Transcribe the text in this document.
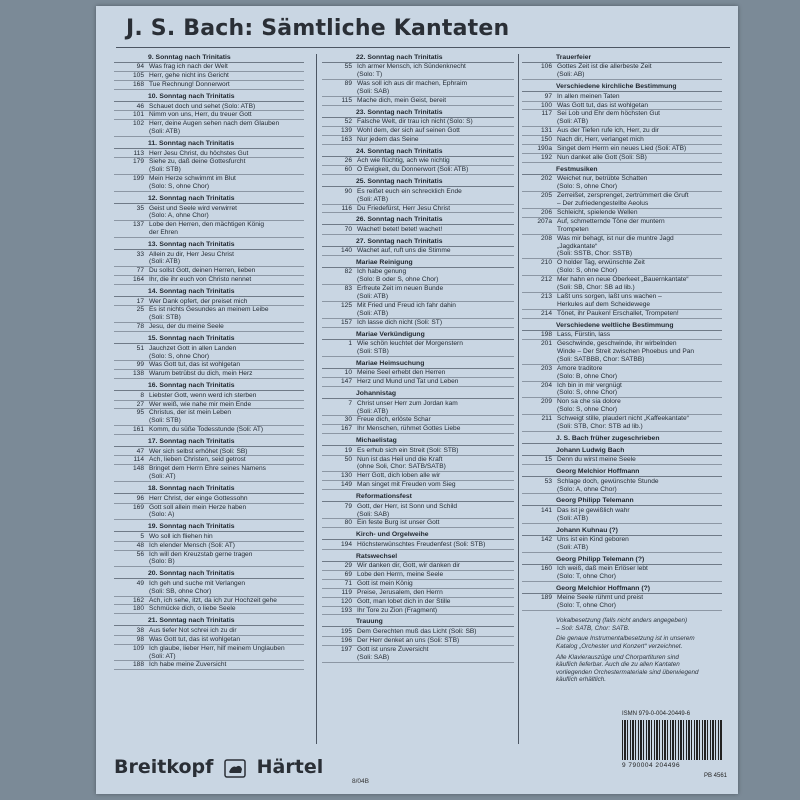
J. S. Bach: Sämtliche Kantaten
9. Sonntag nach Trinitatis
94 Was frag ich nach der Welt
105 Herr, gehe nicht ins Gericht
168 Tue Rechnung! Donnerwort
10. Sonntag nach Trinitatis
46 Schauet doch und sehet (Solo: ATB)
101 Nimm von uns, Herr, du treuer Gott
102 Herr, deine Augen sehen nach dem Glauben
(Soli: ATB)
11. Sonntag nach Trinitatis
113 Herr Jesu Christ, du höchstes Gut
179 Siehe zu, daß deine Gottesfurcht
(Soli: STB)
199 Mein Herze schwimmt im Blut
(Solo: S, ohne Chor)
12. Sonntag nach Trinitatis
35 Geist und Seele wird verwirret
(Solo: A, ohne Chor)
137 Lobe den Herren, den mächtigen König
der Ehren
13. Sonntag nach Trinitatis
33 Allein zu dir, Herr Jesu Christ
(Soli: ATB)
77 Du sollst Gott, deinen Herren, lieben
164 Ihr, die ihr euch von Christo nennet
14. Sonntag nach Trinitatis
17 Wer Dank opfert, der preiset mich
25 Es ist nichts Gesundes an meinem Leibe
(Soli: STB)
78 Jesu, der du meine Seele
15. Sonntag nach Trinitatis
51 Jauchzet Gott in allen Landen
(Solo: S, ohne Chor)
99 Was Gott tut, das ist wohlgetan
138 Warum betrübst du dich, mein Herz
16. Sonntag nach Trinitatis
8 Liebster Gott, wenn werd ich sterben
27 Wer weiß, wie nahe mir mein Ende
95 Christus, der ist mein Leben
(Soli: STB)
161 Komm, du süße Todesstunde (Soli: AT)
17. Sonntag nach Trinitatis
47 Wer sich selbst erhöhet (Soli: SB)
114 Ach, lieben Christen, seid getrost
148 Bringet dem Herrn Ehre seines Namens
(Soli: AT)
18. Sonntag nach Trinitatis
96 Herr Christ, der einge Gottessohn
169 Gott soll allein mein Herze haben
(Solo: A)
19. Sonntag nach Trinitatis
5 Wo soll ich fliehen hin
48 Ich elender Mensch (Soli: AT)
56 Ich will den Kreuzstab gerne tragen
(Solo: B)
20. Sonntag nach Trinitatis
49 Ich geh und suche mit Verlangen
(Soli: SB, ohne Chor)
162 Ach, ich sehe, itzt, da ich zur Hochzeit gehe
180 Schmücke dich, o liebe Seele
21. Sonntag nach Trinitatis
38 Aus tiefer Not schrei ich zu dir
98 Was Gott tut, das ist wohlgetan
109 Ich glaube, lieber Herr, hilf meinem Unglauben
(Soli: AT)
188 Ich habe meine Zuversicht
22. Sonntag nach Trinitatis
55 Ich armer Mensch, ich Sündenknecht
(Solo: T)
89 Was soll ich aus dir machen, Ephraim
(Soli: SAB)
115 Mache dich, mein Geist, bereit
23. Sonntag nach Trinitatis
52 Falsche Welt, dir trau ich nicht (Solo: S)
139 Wohl dem, der sich auf seinen Gott
163 Nur jedem das Seine
24. Sonntag nach Trinitatis
26 Ach wie flüchtig, ach wie nichtig
60 O Ewigkeit, du Donnerwort (Soli: ATB)
25. Sonntag nach Trinitatis
90 Es reißet euch ein schrecklich Ende
(Soli: ATB)
116 Du Friedefürst, Herr Jesu Christ
26. Sonntag nach Trinitatis
70 Wachet! betet! betet! wachet!
27. Sonntag nach Trinitatis
140 Wachet auf, ruft uns die Stimme
Mariae Reinigung
82 Ich habe genung
(Solo: B oder S, ohne Chor)
83 Erfreute Zeit im neuen Bunde
(Soli: ATB)
125 Mit Fried und Freud ich fahr dahin
(Soli: ATB)
157 Ich lasse dich nicht (Soli: ST)
Mariae Verkündigung
1 Wie schön leuchtet der Morgenstern
(Soli: STB)
Mariae Heimsuchung
10 Meine Seel erhebt den Herren
147 Herz und Mund und Tat und Leben
Johannistag
7 Christ unser Herr zum Jordan kam
(Soli: ATB)
30 Freue dich, erlöste Schar
167 Ihr Menschen, rühmet Gottes Liebe
Michaelistag
19 Es erhub sich ein Streit (Soli: STB)
50 Nun ist das Heil und die Kraft
(ohne Soli, Chor: SATB/SATB)
130 Herr Gott, dich loben alle wir
149 Man singet mit Freuden vom Sieg
Reformationsfest
79 Gott, der Herr, ist Sonn und Schild
(Soli: SAB)
80 Ein feste Burg ist unser Gott
Kirch- und Orgelweihe
194 Höchsterwünschtes Freudenfest (Soli: STB)
Ratswechsel
29 Wir danken dir, Gott, wir danken dir
69 Lobe den Herrn, meine Seele
71 Gott ist mein König
119 Preise, Jerusalem, den Herrn
120 Gott, man lobet dich in der Stille
193 Ihr Tore zu Zion (Fragment)
Trauung
195 Dem Gerechten muß das Licht (Soli: SB)
196 Der Herr denket an uns (Soli: STB)
197 Gott ist unsre Zuversicht
(Soli: SAB)
Trauerfeier
106 Gottes Zeit ist die allerbeste Zeit
(Soli: AB)
Verschiedene kirchliche Bestimmung
97 In allen meinen Taten
100 Was Gott tut, das ist wohlgetan
117 Sei Lob und Ehr dem höchsten Gut
(Soli: ATB)
131 Aus der Tiefen rufe ich, Herr, zu dir
150 Nach dir, Herr, verlanget mich
190a Singet dem Herrn ein neues Lied (Soli: ATB)
192 Nun danket alle Gott (Soli: SB)
Festmusiken
202 Weichet nur, betrübte Schatten
(Solo: S, ohne Chor)
205 Zerreißet, zersprenget, zertrümmert die Gruft
– Der zufriedengestellte Aeolus
206 Schleicht, spielende Wellen
207a Auf, schmetternde Töne der muntern
Trompeten
208 Was mir behagt, ist nur die muntre Jagd
„Jagdkantate“
(Soli: SSTB, Chor: SSTB)
210 O holder Tag, erwünschte Zeit
(Solo: S, ohne Chor)
212 Mer hahn en neue Oberkeet „Bauernkantate“
(Soli: SB, Chor: SB ad lib.)
213 Laßt uns sorgen, laßt uns wachen –
Herkules auf dem Scheidewege
214 Tönet, ihr Pauken! Erschallet, Trompeten!
Verschiedene weltliche Bestimmung
198 Lass, Fürstin, lass
201 Geschwinde, geschwinde, ihr wirbelnden
Winde – Der Streit zwischen Phoebus und Pan
(Soli: SATBBB, Chor: SATBB)
203 Amore traditore
(Solo: B, ohne Chor)
204 Ich bin in mir vergnügt
(Solo: S, ohne Chor)
209 Non sa che sia dolore
(Solo: S, ohne Chor)
211 Schweigt stille, plaudert nicht „Kaffeekantate“
(Soli: STB, Chor: STB ad lib.)
J. S. Bach früher zugeschrieben
Johann Ludwig Bach
15 Denn du wirst meine Seele
Georg Melchior Hoffmann
53 Schlage doch, gewünschte Stunde
(Solo: A, ohne Chor)
Georg Philipp Telemann
141 Das ist je gewißlich wahr
(Soli: ATB)
Johann Kuhnau (?)
142 Uns ist ein Kind geboren
(Soli: ATB)
Georg Philipp Telemann (?)
160 Ich weiß, daß mein Erlöser lebt
(Solo: T, ohne Chor)
Georg Melchior Hoffmann (?)
189 Meine Seele rühmt und preist
(Solo: T, ohne Chor)

Vokalbesetzung (falls nicht anders angegeben)
– Soli: SATB, Chor: SATB.

Die genaue Instrumentalbesetzung ist in unserem
Katalog „Orchester und Konzert“ verzeichnet.

Alle Klavierauszüge und Chorpartituren sind
käuflich lieferbar. Auch die zu allen Kantaten
vorliegenden Orchestermateriale sind überwiegend
käuflich erhältlich.

ISMN 979-0-004-20449-6
9 790004 204496
PB 4561
Breitkopf Härtel
8/04B
